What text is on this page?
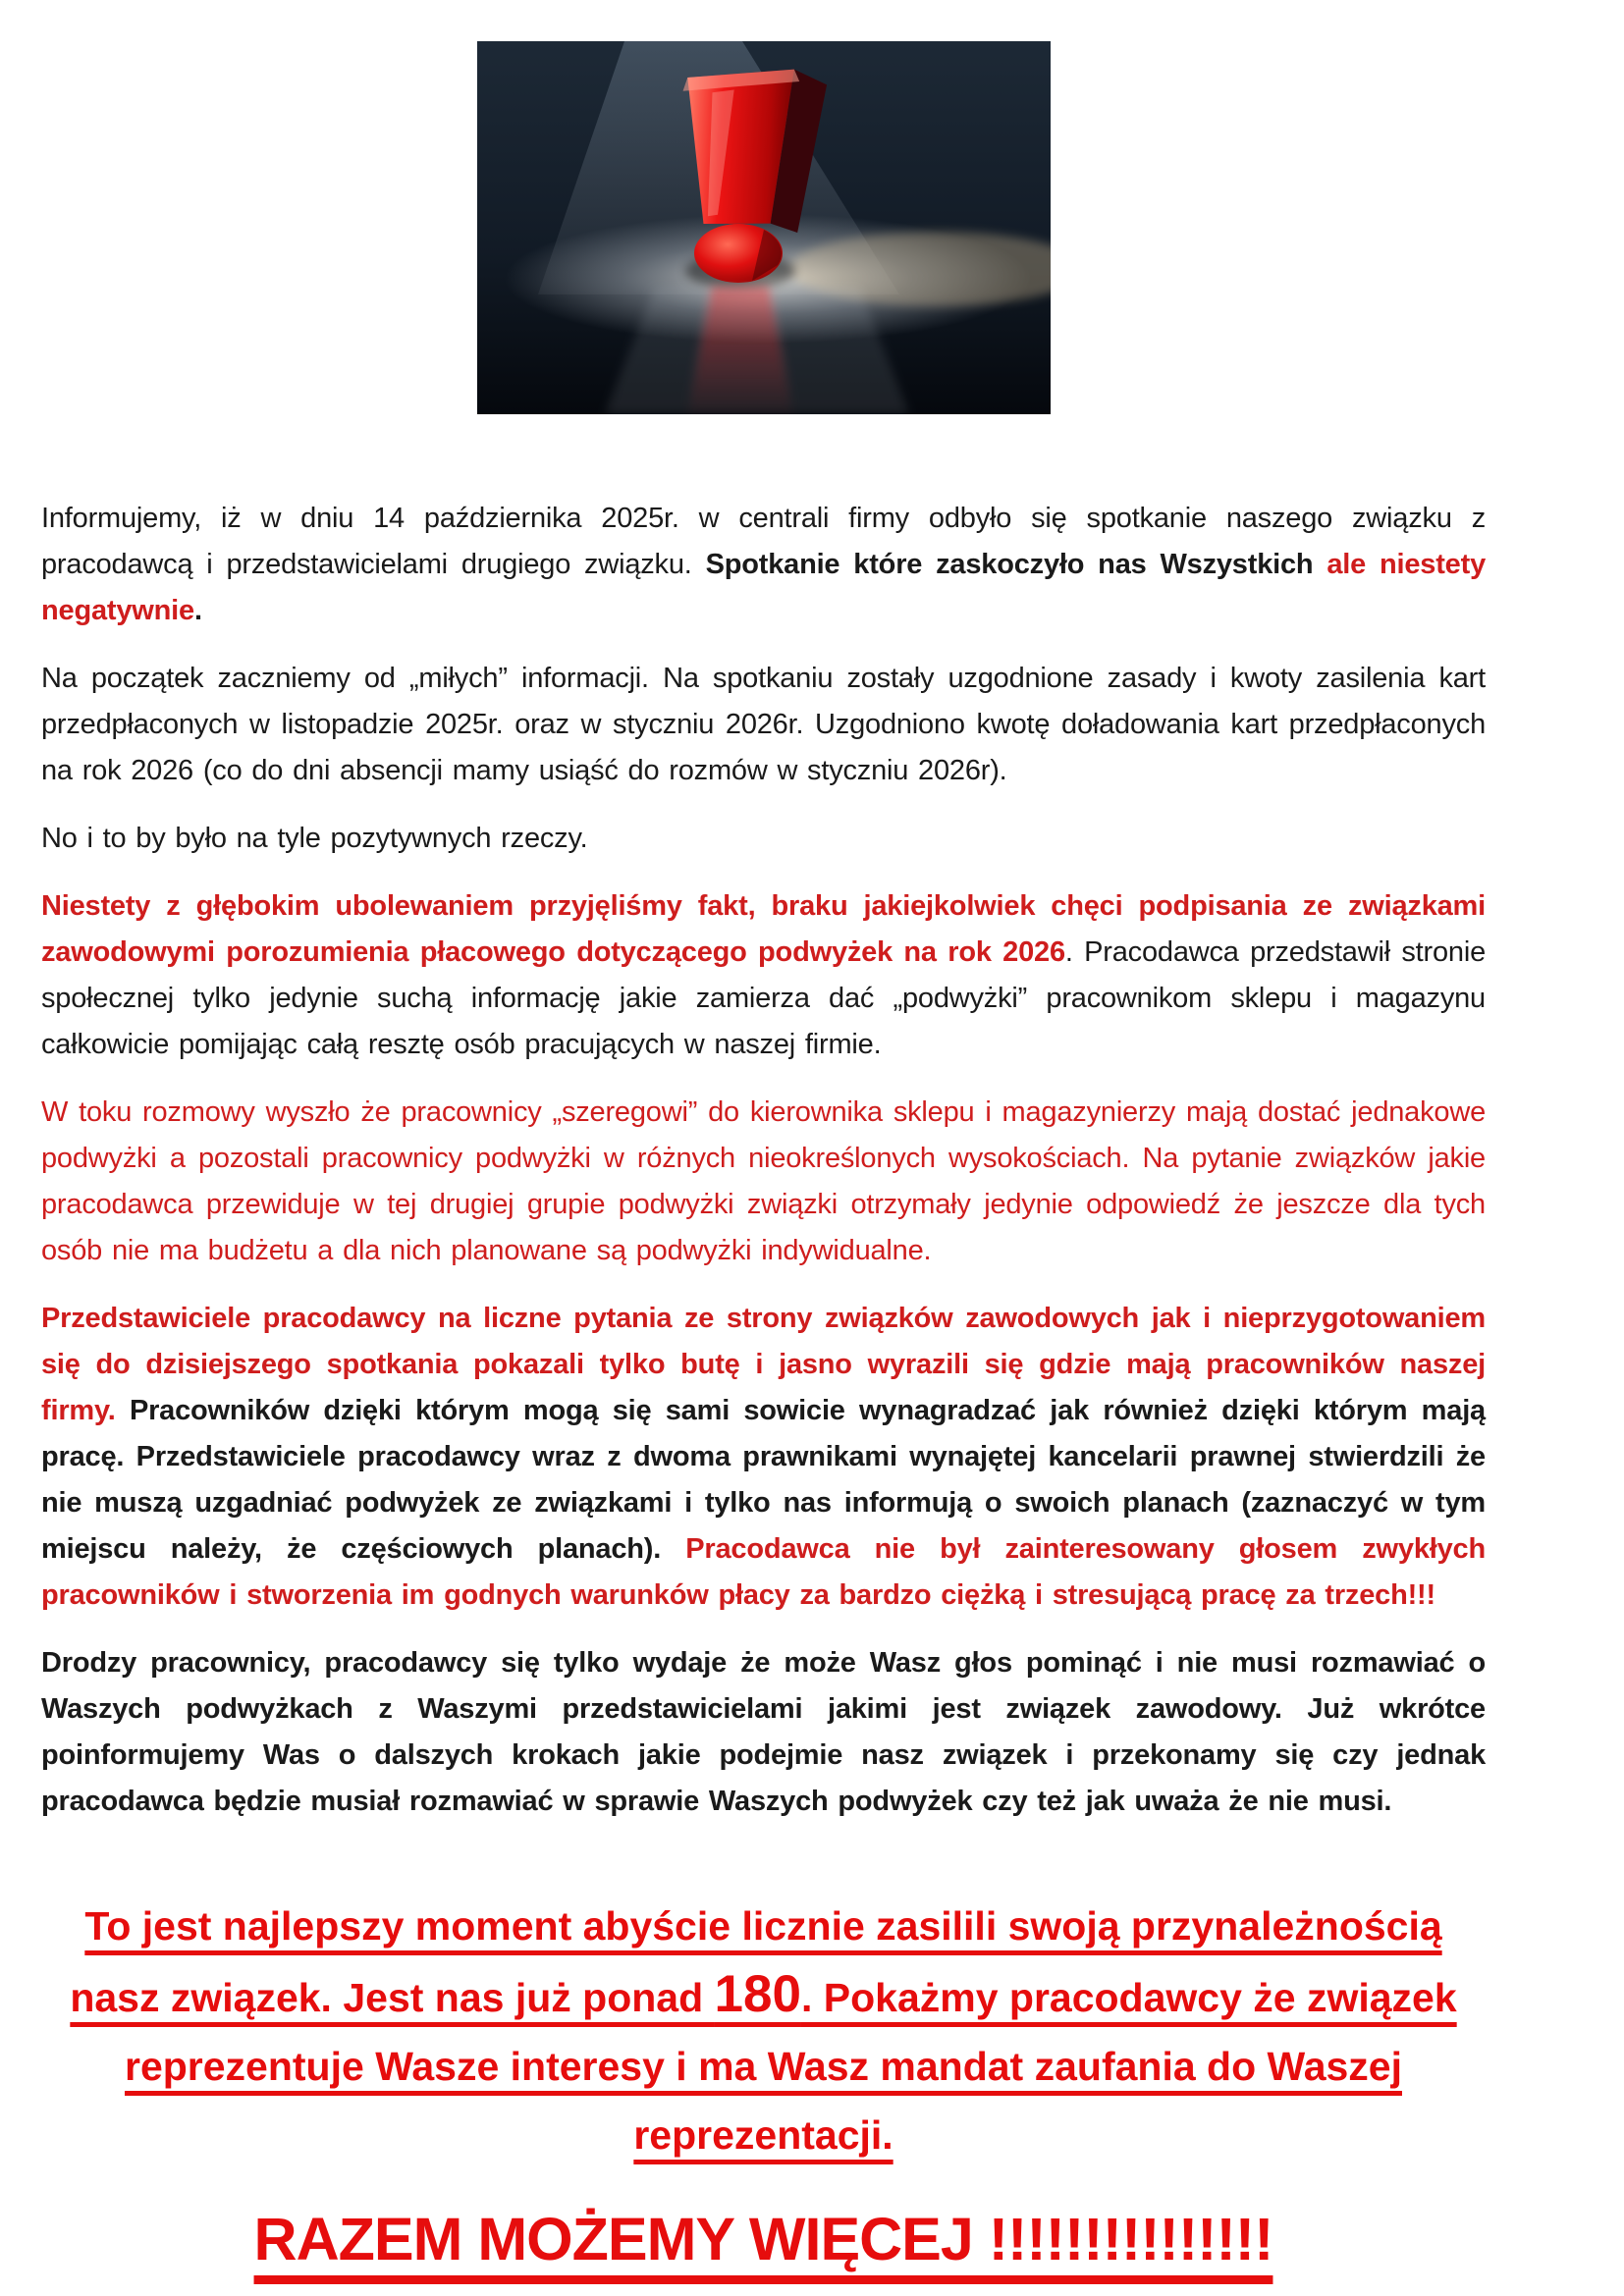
Informujemy, iż w dniu 14 października 2025r. w centrali firmy odbyło się spotkanie naszego związku z pracodawcą i przedstawicielami drugiego związku. Spotkanie które zaskoczyło nas Wszystkich ale niestety negatywnie.

Na początek zaczniemy od „miłych” informacji. Na spotkaniu zostały uzgodnione zasady i kwoty zasilenia kart przedpłaconych w listopadzie 2025r. oraz w styczniu 2026r. Uzgodniono kwotę doładowania kart przedpłaconych na rok 2026 (co do dni absencji mamy usiąść do rozmów w styczniu 2026r).

No i to by było na tyle pozytywnych rzeczy.

Niestety z głębokim ubolewaniem przyjęliśmy fakt, braku jakiejkolwiek chęci podpisania ze związkami zawodowymi porozumienia płacowego dotyczącego podwyżek na rok 2026. Pracodawca przedstawił stronie społecznej tylko jedynie suchą informację jakie zamierza dać „podwyżki” pracownikom sklepu i magazynu całkowicie pomijając całą resztę osób pracujących w naszej firmie.

W toku rozmowy wyszło że pracownicy „szeregowi” do kierownika sklepu i magazynierzy mają dostać jednakowe podwyżki a pozostali pracownicy podwyżki w różnych nieokreślonych wysokościach. Na pytanie związków jakie pracodawca przewiduje w tej drugiej grupie podwyżki związki otrzymały jedynie odpowiedź że jeszcze dla tych osób nie ma budżetu a dla nich planowane są podwyżki indywidualne.

Przedstawiciele pracodawcy na liczne pytania ze strony związków zawodowych jak i nieprzygotowaniem się do dzisiejszego spotkania pokazali tylko butę i jasno wyrazili się gdzie mają pracowników naszej firmy. Pracowników dzięki którym mogą się sami sowicie wynagradzać jak również dzięki którym mają pracę. Przedstawiciele pracodawcy wraz z dwoma prawnikami wynajętej kancelarii prawnej stwierdzili że nie muszą uzgadniać podwyżek ze związkami i tylko nas informują o swoich planach (zaznaczyć w tym miejscu należy, że częściowych planach). Pracodawca nie był zainteresowany głosem zwykłych pracowników i stworzenia im godnych warunków płacy za bardzo ciężką i stresującą pracę za trzech!!!

Drodzy pracownicy, pracodawcy się tylko wydaje że może Wasz głos pominąć i nie musi rozmawiać o Waszych podwyżkach z Waszymi przedstawicielami jakimi jest związek zawodowy. Już wkrótce poinformujemy Was o dalszych krokach jakie podejmie nasz związek i przekonamy się czy jednak pracodawca będzie musiał rozmawiać w sprawie Waszych podwyżek czy też jak uważa że nie musi.

To jest najlepszy moment abyście licznie zasilili swoją przynależnością nasz związek. Jest nas już ponad 180. Pokażmy pracodawcy że związek reprezentuje Wasze interesy i ma Wasz mandat zaufania do Waszej reprezentacji.
RAZEM MOŻEMY WIĘCEJ !!!!!!!!!!!!!!!
